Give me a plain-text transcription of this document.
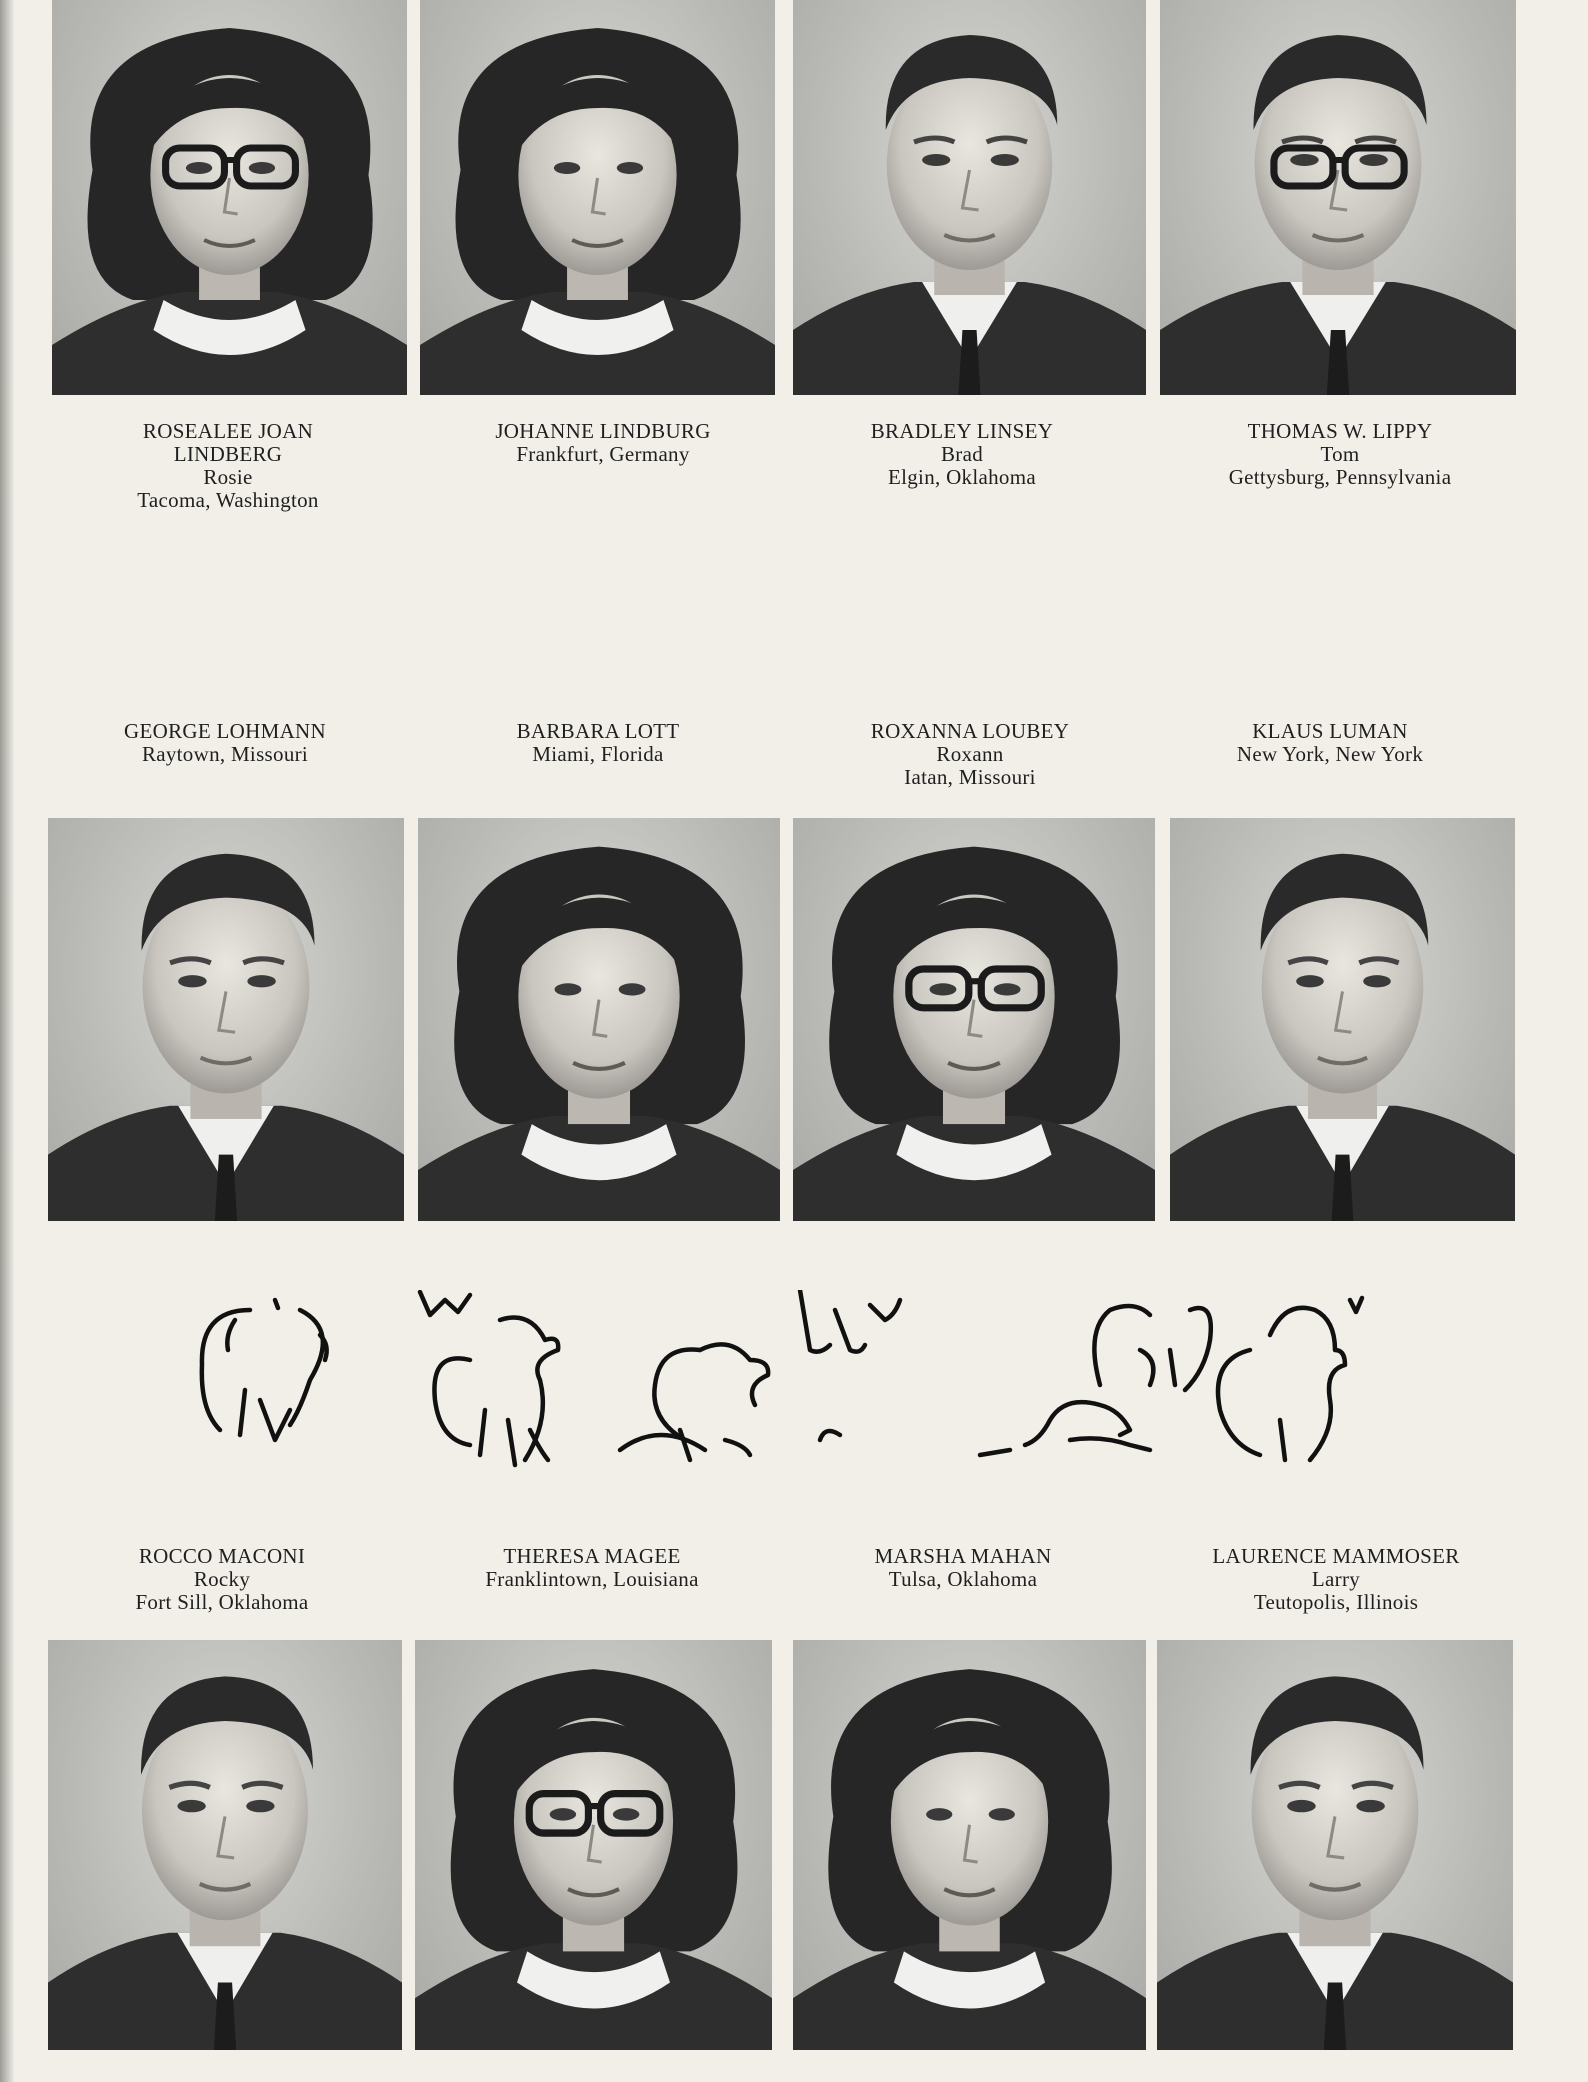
ROSEALEE JOAN
LINDBERG
Rosie
Tacoma, Washington
JOHANNE LINDBURG
Frankfurt, Germany
BRADLEY LINSEY
Brad
Elgin, Oklahoma
THOMAS W. LIPPY
Tom
Gettysburg, Pennsylvania
GEORGE LOHMANN
Raytown, Missouri
BARBARA LOTT
Miami, Florida
ROXANNA LOUBEY
Roxann
Iatan, Missouri
KLAUS LUMAN
New York, New York
ROCCO MACONI
Rocky
Fort Sill, Oklahoma
THERESA MAGEE
Franklintown, Louisiana
MARSHA MAHAN
Tulsa, Oklahoma
LAURENCE MAMMOSER
Larry
Teutopolis, Illinois
